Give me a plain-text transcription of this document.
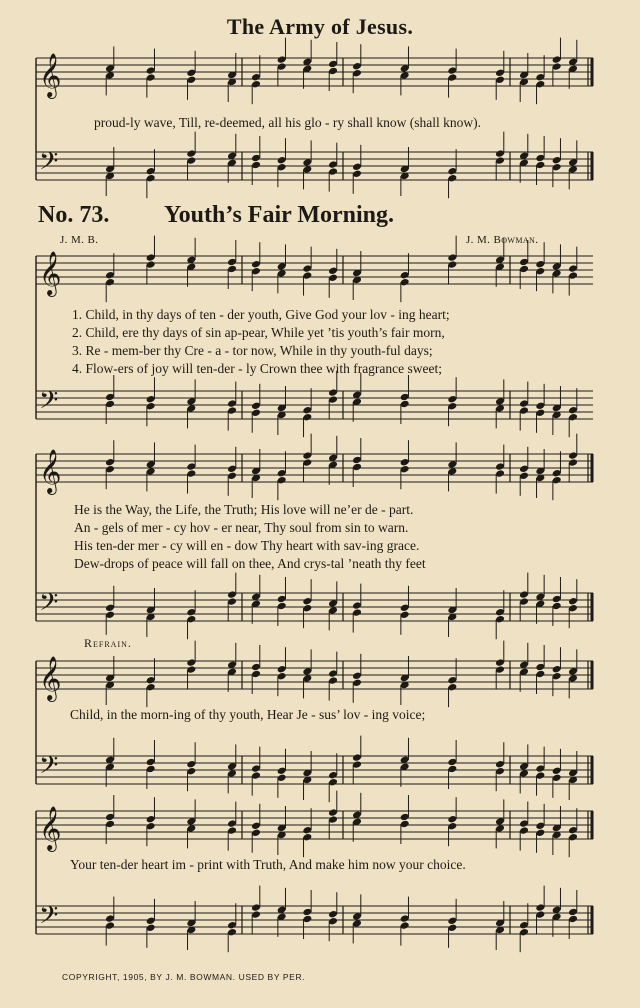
𝄞
𝄢
𝄞
𝄢
𝄞
𝄢
𝄞
𝄢
𝄞
𝄢
The Army of Jesus.
proud-ly wave, Till, re-deemed, all his glo - ry shall know (shall know).
No. 73. Youth’s Fair Morning.
J. M. B.	J. M. Bowman.
1. Child, in thy days of ten - der youth, Give God your lov - ing heart;
2. Child, ere thy days of sin ap-pear, While yet ’tis youth’s fair morn,
3. Re - mem-ber thy Cre - a - tor now, While in thy youth-ful days;
4. Flow-ers of joy will ten-der - ly Crown thee with fragrance sweet;
He is the Way, the Life, the Truth; His love will ne’er de - part.
An - gels of mer - cy hov - er near, Thy soul from sin to warn.
His ten-der mer - cy will en - dow Thy heart with sav-ing grace.
Dew-drops of peace will fall on thee, And crys-tal ’neath thy feet
Refrain.
Child, in the morn-ing of thy youth, Hear Je - sus’ lov - ing voice;
Your ten-der heart im - print with Truth, And make him now your choice.
COPYRIGHT, 1905, BY J. M. BOWMAN. USED BY PER.
